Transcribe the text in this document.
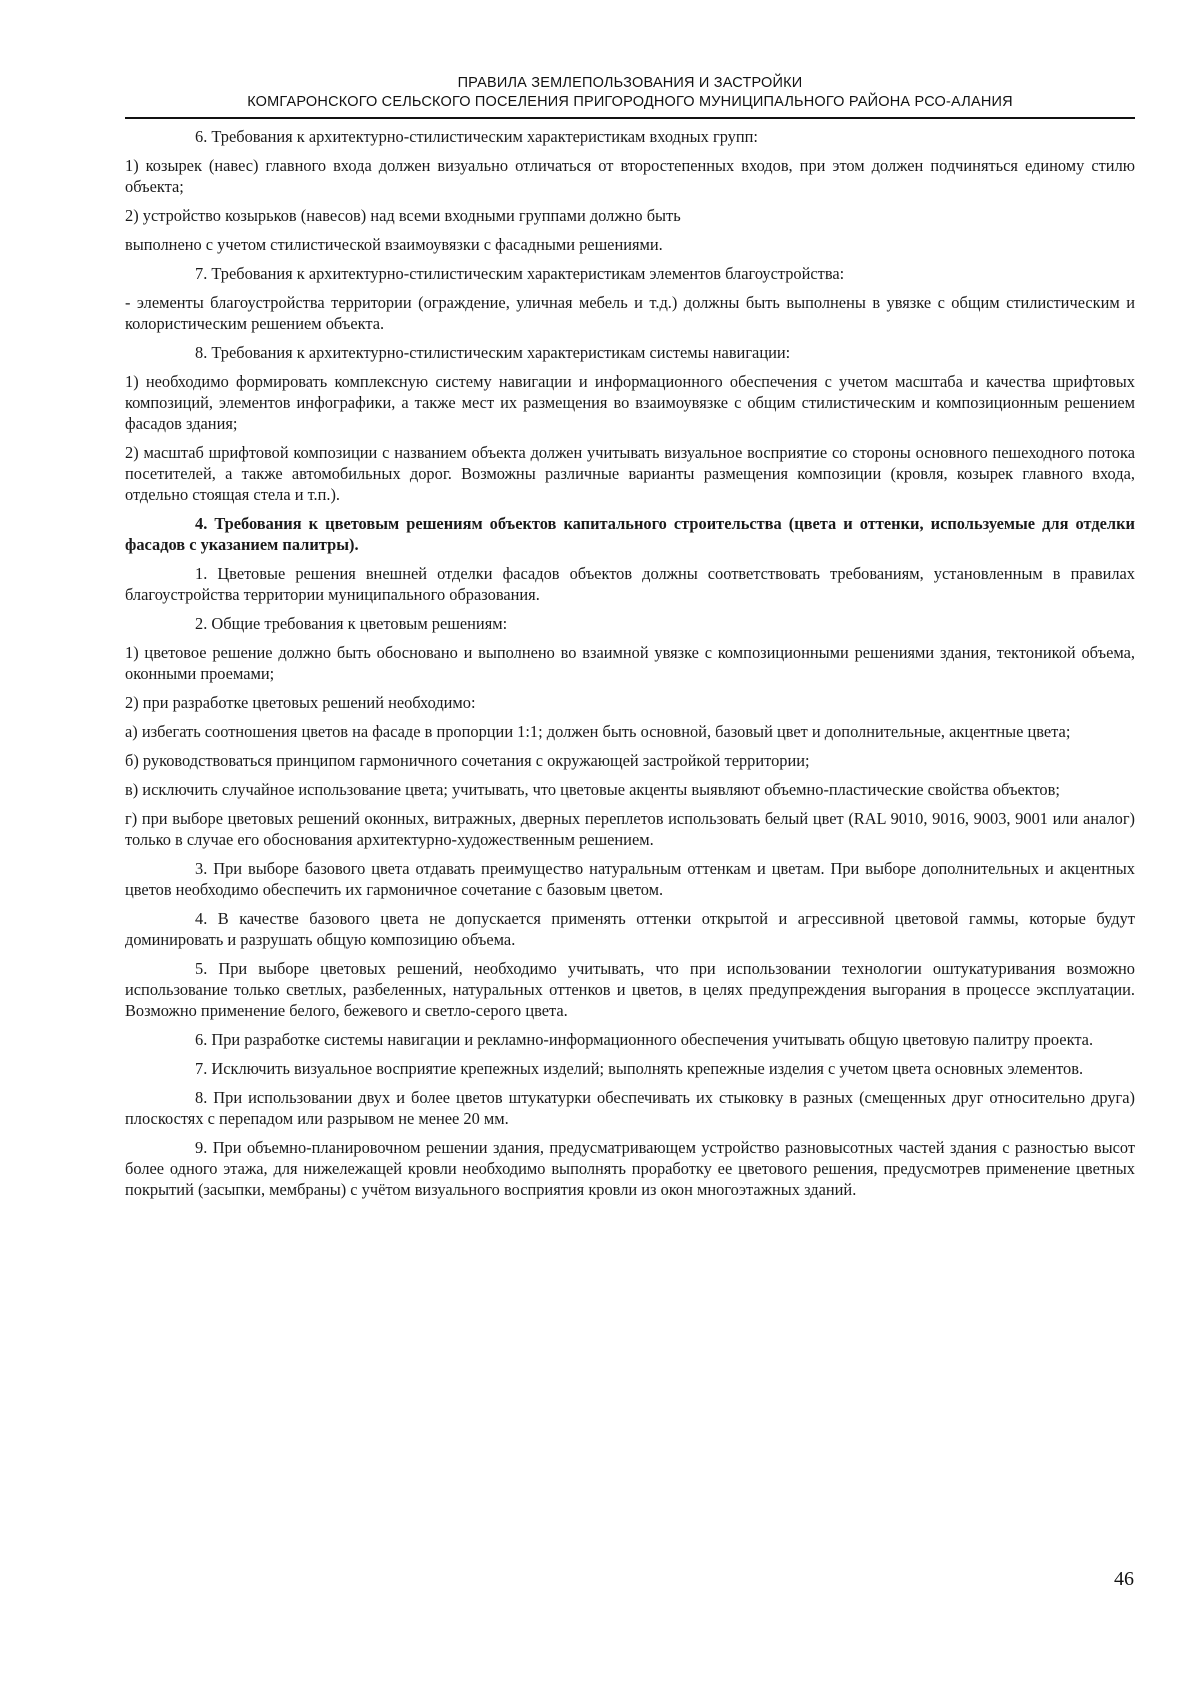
ПРАВИЛА ЗЕМЛЕПОЛЬЗОВАНИЯ И ЗАСТРОЙКИ
КОМГАРОНСКОГО СЕЛЬСКОГО ПОСЕЛЕНИЯ ПРИГОРОДНОГО МУНИЦИПАЛЬНОГО РАЙОНА РСО-АЛАНИЯ

6. Требования к архитектурно-стилистическим характеристикам входных групп:

1) козырек (навес) главного входа должен визуально отличаться от второстепенных входов, при этом должен подчиняться единому стилю объекта;

2) устройство козырьков (навесов) над всеми входными группами должно быть

выполнено с учетом стилистической взаимоувязки с фасадными решениями.

7. Требования к архитектурно-стилистическим характеристикам элементов благоустройства:

- элементы благоустройства территории (ограждение, уличная мебель и т.д.) должны быть выполнены в увязке с общим стилистическим и колористическим решением объекта.

8. Требования к архитектурно-стилистическим характеристикам системы навигации:

1) необходимо формировать комплексную систему навигации и информационного обеспечения с учетом масштаба и качества шрифтовых композиций, элементов инфографики, а также мест их размещения во взаимоувязке с общим стилистическим и композиционным решением фасадов здания;

2) масштаб шрифтовой композиции с названием объекта должен учитывать визуальное восприятие со стороны основного пешеходного потока посетителей, а также автомобильных дорог. Возможны различные варианты размещения композиции (кровля, козырек главного входа, отдельно стоящая стела и т.п.).

4. Требования к цветовым решениям объектов капитального строительства (цвета и оттенки, используемые для отделки фасадов с указанием палитры).

1. Цветовые решения внешней отделки фасадов объектов должны соответствовать требованиям, установленным в правилах благоустройства территории муниципального образования.

2. Общие требования к цветовым решениям:

1) цветовое решение должно быть обосновано и выполнено во взаимной увязке с композиционными решениями здания, тектоникой объема, оконными проемами;

2) при разработке цветовых решений необходимо:

а) избегать соотношения цветов на фасаде в пропорции 1:1; должен быть основной, базовый цвет и дополнительные, акцентные цвета;

б) руководствоваться принципом гармоничного сочетания с окружающей застройкой территории;

в) исключить случайное использование цвета; учитывать, что цветовые акценты выявляют объемно-пластические свойства объектов;

г) при выборе цветовых решений оконных, витражных, дверных переплетов использовать белый цвет (RAL 9010, 9016, 9003, 9001 или аналог) только в случае его обоснования архитектурно-художественным решением.

3. При выборе базового цвета отдавать преимущество натуральным оттенкам и цветам. При выборе дополнительных и акцентных цветов необходимо обеспечить их гармоничное сочетание с базовым цветом.

4. В качестве базового цвета не допускается применять оттенки открытой и агрессивной цветовой гаммы, которые будут доминировать и разрушать общую композицию объема.

5. При выборе цветовых решений, необходимо учитывать, что при использовании технологии оштукатуривания возможно использование только светлых, разбеленных, натуральных оттенков и цветов, в целях предупреждения выгорания в процессе эксплуатации. Возможно применение белого, бежевого и светло-серого цвета.

6. При разработке системы навигации и рекламно-информационного обеспечения учитывать общую цветовую палитру проекта.

7. Исключить визуальное восприятие крепежных изделий; выполнять крепежные изделия с учетом цвета основных элементов.

8. При использовании двух и более цветов штукатурки обеспечивать их стыковку в разных (смещенных друг относительно друга) плоскостях с перепадом или разрывом не менее 20 мм.

9. При объемно-планировочном решении здания, предусматривающем устройство разновысотных частей здания с разностью высот более одного этажа, для нижележащей кровли необходимо выполнять проработку ее цветового решения, предусмотрев применение цветных покрытий (засыпки, мембраны) с учётом визуального восприятия кровли из окон многоэтажных зданий.

46
